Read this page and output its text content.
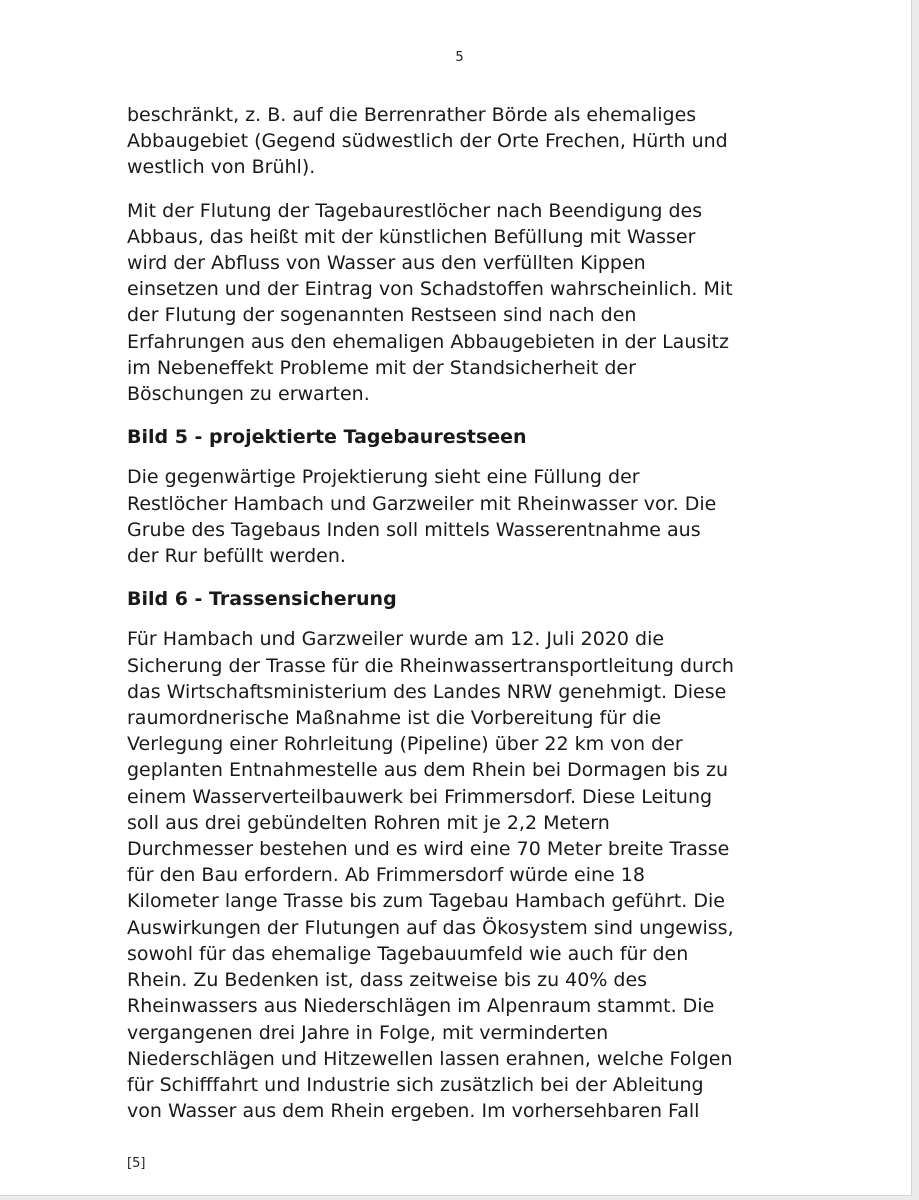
5

beschränkt, z. B. auf die Berrenrather Börde als ehemaliges
Abbaugebiet (Gegend südwestlich der Orte Frechen, Hürth und
westlich von Brühl).

Mit der Flutung der Tagebaurestlöcher nach Beendigung des
Abbaus, das heißt mit der künstlichen Befüllung mit Wasser
wird der Abfluss von Wasser aus den verfüllten Kippen
einsetzen und der Eintrag von Schadstoffen wahrscheinlich. Mit
der Flutung der sogenannten Restseen sind nach den
Erfahrungen aus den ehemaligen Abbaugebieten in der Lausitz
im Nebeneffekt Probleme mit der Standsicherheit der
Böschungen zu erwarten.

Bild 5 - projektierte Tagebaurestseen

Die gegenwärtige Projektierung sieht eine Füllung der
Restlöcher Hambach und Garzweiler mit Rheinwasser vor. Die
Grube des Tagebaus Inden soll mittels Wasserentnahme aus
der Rur befüllt werden.

Bild 6 - Trassensicherung

Für Hambach und Garzweiler wurde am 12. Juli 2020 die
Sicherung der Trasse für die Rheinwassertransportleitung durch
das Wirtschaftsministerium des Landes NRW genehmigt. Diese
raumordnerische Maßnahme ist die Vorbereitung für die
Verlegung einer Rohrleitung (Pipeline) über 22 km von der
geplanten Entnahmestelle aus dem Rhein bei Dormagen bis zu
einem Wasserverteilbauwerk bei Frimmersdorf. Diese Leitung
soll aus drei gebündelten Rohren mit je 2,2 Metern
Durchmesser bestehen und es wird eine 70 Meter breite Trasse
für den Bau erfordern. Ab Frimmersdorf würde eine 18
Kilometer lange Trasse bis zum Tagebau Hambach geführt. Die
Auswirkungen der Flutungen auf das Ökosystem sind ungewiss,
sowohl für das ehemalige Tagebauumfeld wie auch für den
Rhein. Zu Bedenken ist, dass zeitweise bis zu 40% des
Rheinwassers aus Niederschlägen im Alpenraum stammt. Die
vergangenen drei Jahre in Folge, mit verminderten
Niederschlägen und Hitzewellen lassen erahnen, welche Folgen
für Schifffahrt und Industrie sich zusätzlich bei der Ableitung
von Wasser aus dem Rhein ergeben. Im vorhersehbaren Fall

[5]
